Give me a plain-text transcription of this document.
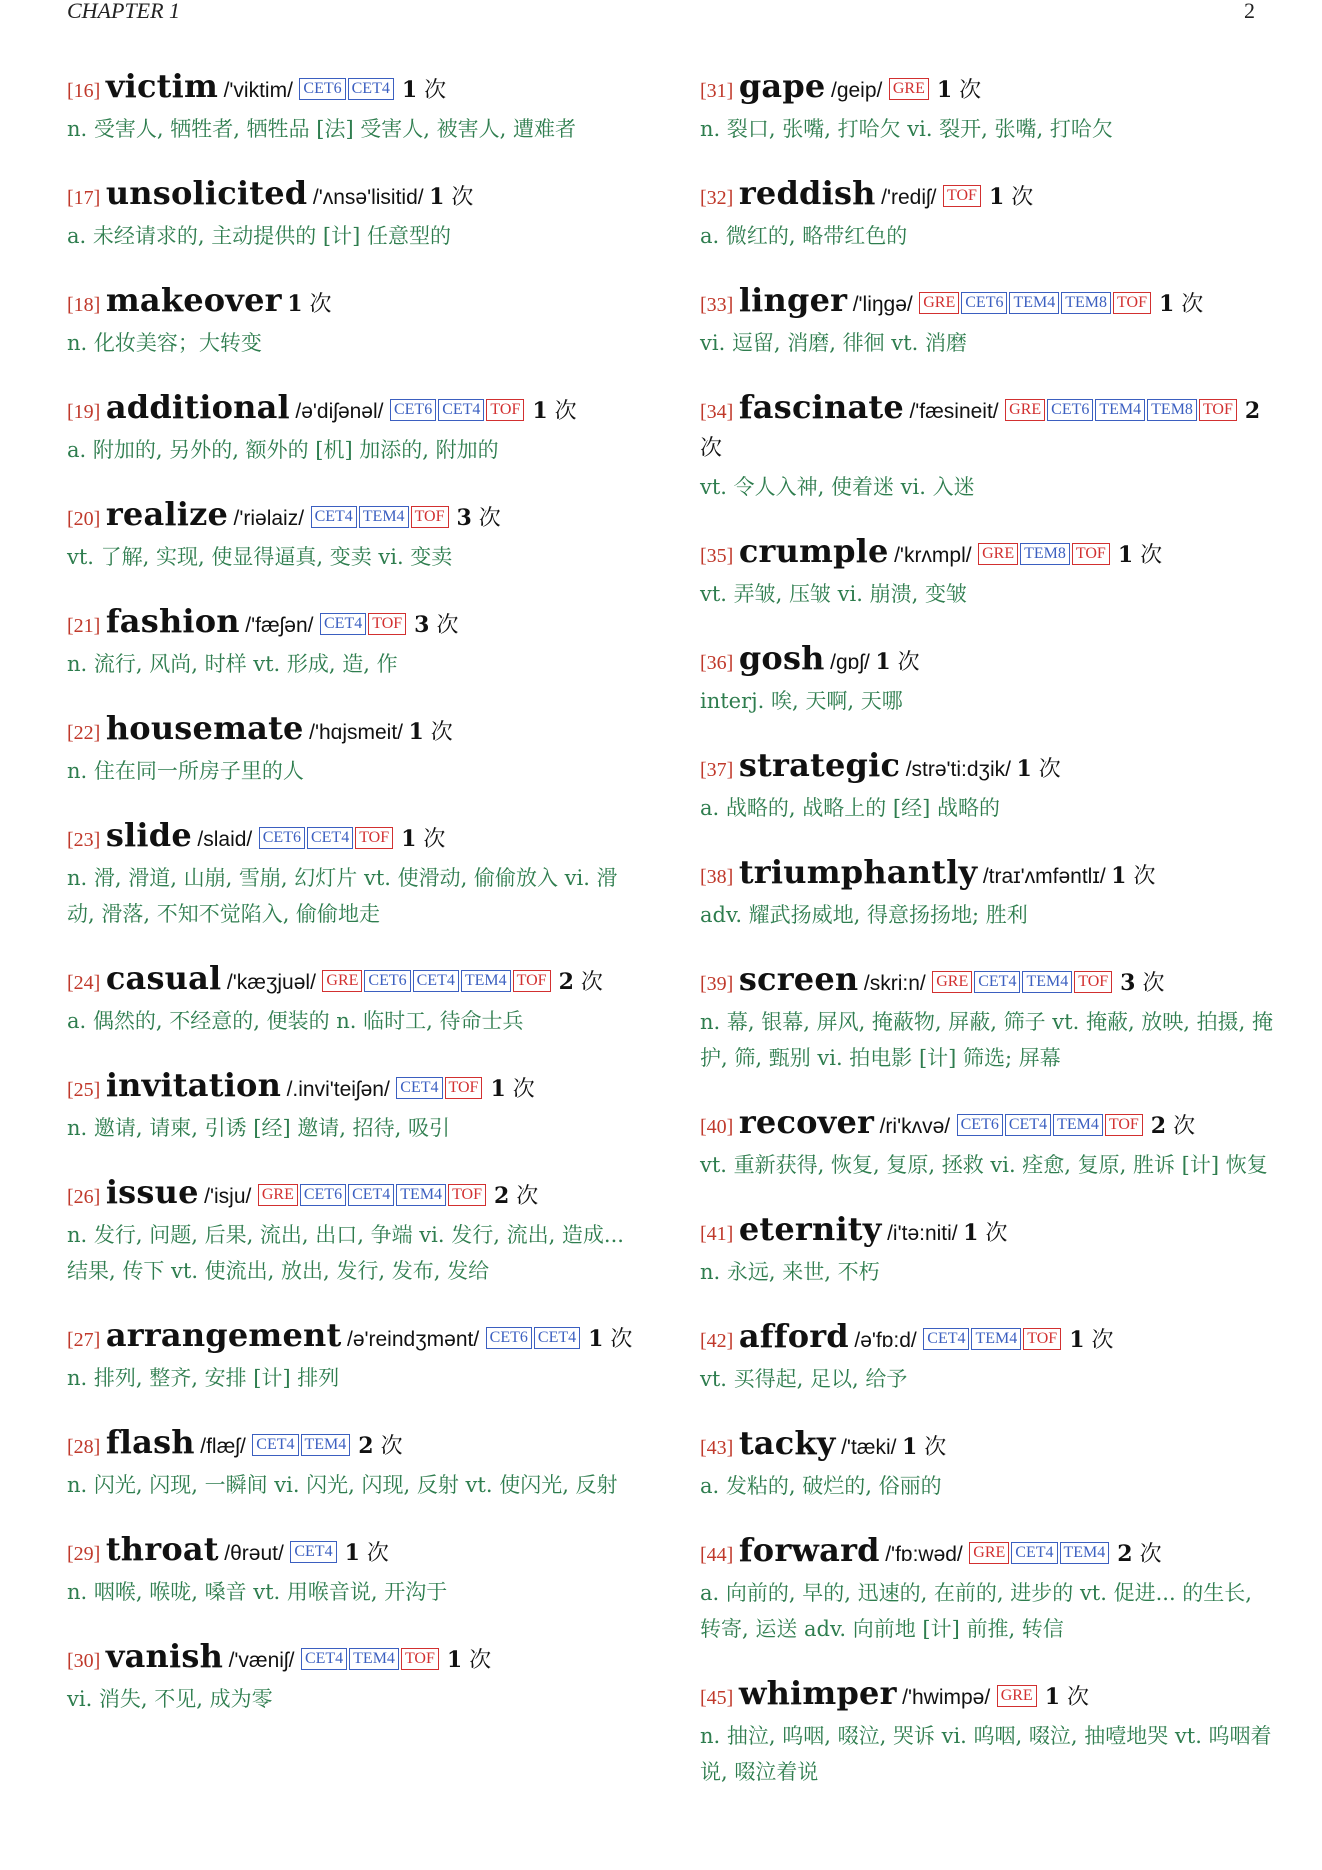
CHAPTER 1	2
[16] victim /'viktim/ CET6 CET4 1 次
n. 受害人, 牺牲者, 牺牲品 [法] 受害人, 被害人, 遭难者
[17] unsolicited /'ʌnsə'lisitid/ 1 次
a. 未经请求的, 主动提供的 [计] 任意型的
[18] makeover 1 次
n. 化妆美容；大转变
[19] additional /ə'diʃənəl/ CET6 CET4 TOF 1 次
a. 附加的, 另外的, 额外的 [机] 加添的, 附加的
[20] realize /'riəlaiz/ CET4 TEM4 TOF 3 次
vt. 了解, 实现, 使显得逼真, 变卖 vi. 变卖
[21] fashion /'fæʃən/ CET4 TOF 3 次
n. 流行, 风尚, 时样 vt. 形成, 造, 作
[22] housemate /'hɑjsmeit/ 1 次
n. 住在同一所房子里的人
[23] slide /slaid/ CET6 CET4 TOF 1 次
n. 滑, 滑道, 山崩, 雪崩, 幻灯片 vt. 使滑动, 偷偷放入 vi. 滑动, 滑落, 不知不觉陷入, 偷偷地走
[24] casual /'kæʒjuəl/ GRE CET6 CET4 TEM4 TOF 2 次
a. 偶然的, 不经意的, 便装的 n. 临时工, 待命士兵
[25] invitation /.invi'teiʃən/ CET4 TOF 1 次
n. 邀请, 请柬, 引诱 [经] 邀请, 招待, 吸引
[26] issue /'isju/ GRE CET6 CET4 TEM4 TOF 2 次
n. 发行, 问题, 后果, 流出, 出口, 争端 vi. 发行, 流出, 造成... 结果, 传下 vt. 使流出, 放出, 发行, 发布, 发给
[27] arrangement /ə'reindʒmənt/ CET6 CET4 1 次
n. 排列, 整齐, 安排 [计] 排列
[28] flash /flæʃ/ CET4 TEM4 2 次
n. 闪光, 闪现, 一瞬间 vi. 闪光, 闪现, 反射 vt. 使闪光, 反射
[29] throat /θrəut/ CET4 1 次
n. 咽喉, 喉咙, 嗓音 vt. 用喉音说, 开沟于
[30] vanish /'væniʃ/ CET4 TEM4 TOF 1 次
vi. 消失, 不见, 成为零
[31] gape /geip/ GRE 1 次
n. 裂口, 张嘴, 打哈欠 vi. 裂开, 张嘴, 打哈欠
[32] reddish /'rediʃ/ TOF 1 次
a. 微红的, 略带红色的
[33] linger /'liŋgə/ GRE CET6 TEM4 TEM8 TOF 1 次
vi. 逗留, 消磨, 徘徊 vt. 消磨
[34] fascinate /'fæsineit/ GRE CET6 TEM4 TEM8 TOF 2 次
vt. 令人入神, 使着迷 vi. 入迷
[35] crumple /'krʌmpl/ GRE TEM8 TOF 1 次
vt. 弄皱, 压皱 vi. 崩溃, 变皱
[36] gosh /gɒʃ/ 1 次
interj. 唉, 天啊, 天哪
[37] strategic /strə'ti:dʒik/ 1 次
a. 战略的, 战略上的 [经] 战略的
[38] triumphantly /traɪ'ʌmfəntlɪ/ 1 次
adv. 耀武扬威地, 得意扬扬地; 胜利
[39] screen /skri:n/ GRE CET4 TEM4 TOF 3 次
n. 幕, 银幕, 屏风, 掩蔽物, 屏蔽, 筛子 vt. 掩蔽, 放映, 拍摄, 掩护, 筛, 甄别 vi. 拍电影 [计] 筛选; 屏幕
[40] recover /ri'kʌvə/ CET6 CET4 TEM4 TOF 2 次
vt. 重新获得, 恢复, 复原, 拯救 vi. 痊愈, 复原, 胜诉 [计] 恢复
[41] eternity /i'tə:niti/ 1 次
n. 永远, 来世, 不朽
[42] afford /ə'fɒ:d/ CET4 TEM4 TOF 1 次
vt. 买得起, 足以, 给予
[43] tacky /'tæki/ 1 次
a. 发粘的, 破烂的, 俗丽的
[44] forward /'fɒ:wəd/ GRE CET4 TEM4 2 次
a. 向前的, 早的, 迅速的, 在前的, 进步的 vt. 促进... 的生长, 转寄, 运送 adv. 向前地 [计] 前推, 转信
[45] whimper /'hwimpə/ GRE 1 次
n. 抽泣, 呜咽, 啜泣, 哭诉 vi. 呜咽, 啜泣, 抽噎地哭 vt. 呜咽着说, 啜泣着说
